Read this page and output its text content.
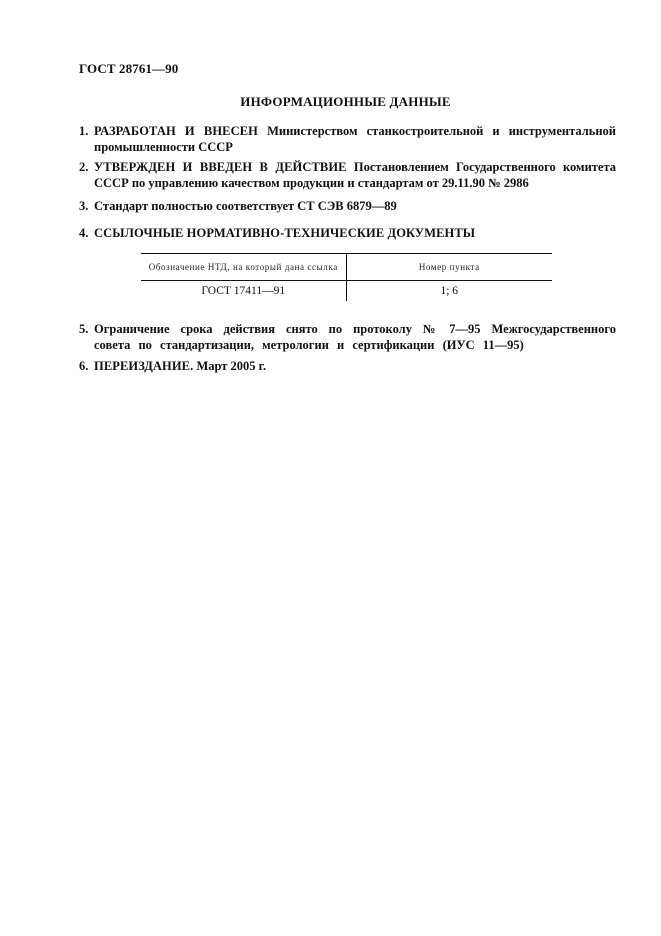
ГОСТ 28761—90
ИНФОРМАЦИОННЫЕ ДАННЫЕ
1. РАЗРАБОТАН И ВНЕСЕН Министерством станкостроительной и инструментальной промышленности СССР
2. УТВЕРЖДЕН И ВВЕДЕН В ДЕЙСТВИЕ Постановлением Государственного комитета СССР по управлению качеством продукции и стандартам от 29.11.90 № 2986
3. Стандарт полностью соответствует СТ СЭВ 6879—89
4. ССЫЛОЧНЫЕ НОРМАТИВНО-ТЕХНИЧЕСКИЕ ДОКУМЕНТЫ
Обозначение НТД, на который дана ссылка	Номер пункта
ГОСТ 17411—91	1; 6
5. Ограничение срока действия снято по протоколу № 7—95 Межгосударственного совета по стандартизации, метрологии и сертификации (ИУС 11—95)
6. ПЕРЕИЗДАНИЕ. Март 2005 г.
